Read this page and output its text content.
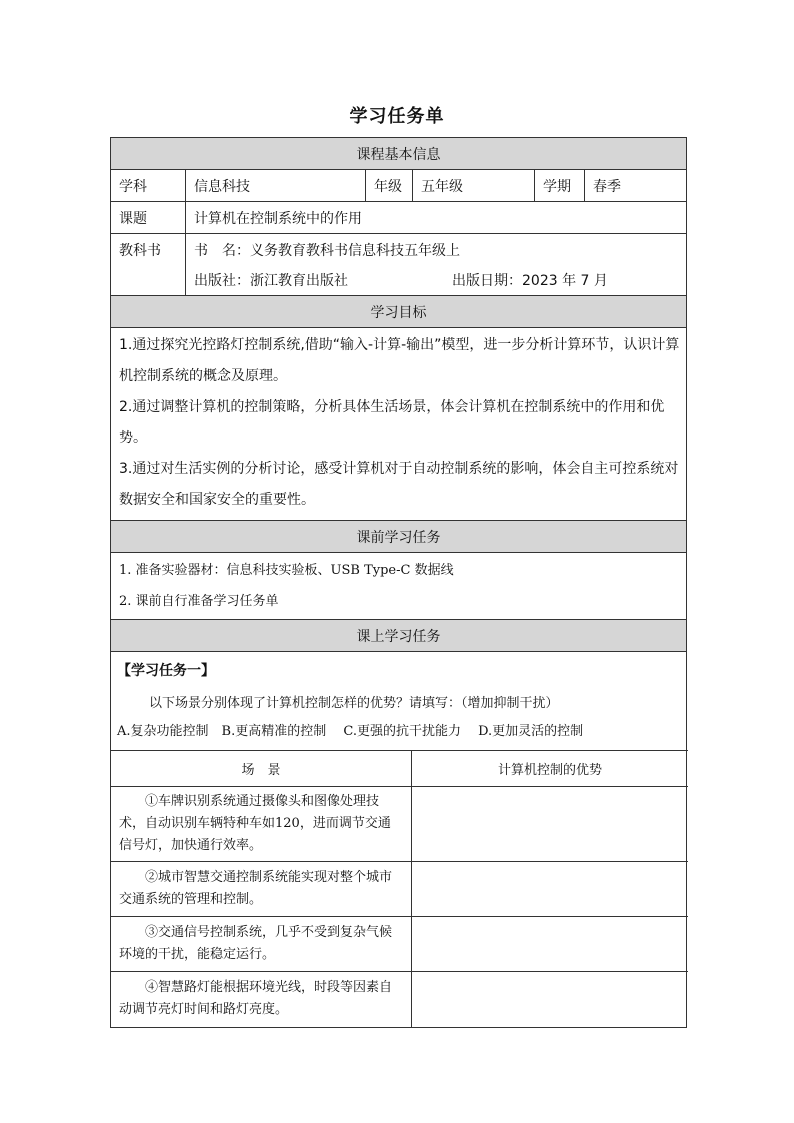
学习任务单
课程基本信息
学科	信息科技	年级	五年级	学期	春季
课题	计算机在控制系统中的作用
教科书	书　名：义务教育教科书信息科技五年级上
出版社：浙江教育出版社	出版日期：2023 年 7 月
学习目标
1.通过探究光控路灯控制系统,借助“输入-计算-输出”模型，进一步分析计算环节，认识计算机控制系统的概念及原理。
2.通过调整计算机的控制策略，分析具体生活场景，体会计算机在控制系统中的作用和优势。
3.通过对生活实例的分析讨论，感受计算机对于自动控制系统的影响，体会自主可控系统对数据安全和国家安全的重要性。
课前学习任务
1. 准备实验器材：信息科技实验板、USB Type-C 数据线
2. 课前自行准备学习任务单
课上学习任务
【学习任务一】
以下场景分别体现了计算机控制怎样的优势？请填写：（增加抑制干扰）
A.复杂功能控制　B.更高精准的控制　 C.更强的抗干扰能力　 D.更加灵活的控制
场　景	计算机控制的优势
①车牌识别系统通过摄像头和图像处理技术，自动识别车辆特种车如120，进而调节交通信号灯，加快通行效率。	
②城市智慧交通控制系统能实现对整个城市交通系统的管理和控制。	
③交通信号控制系统，几乎不受到复杂气候环境的干扰，能稳定运行。	
④智慧路灯能根据环境光线，时段等因素自动调节亮灯时间和路灯亮度。	
